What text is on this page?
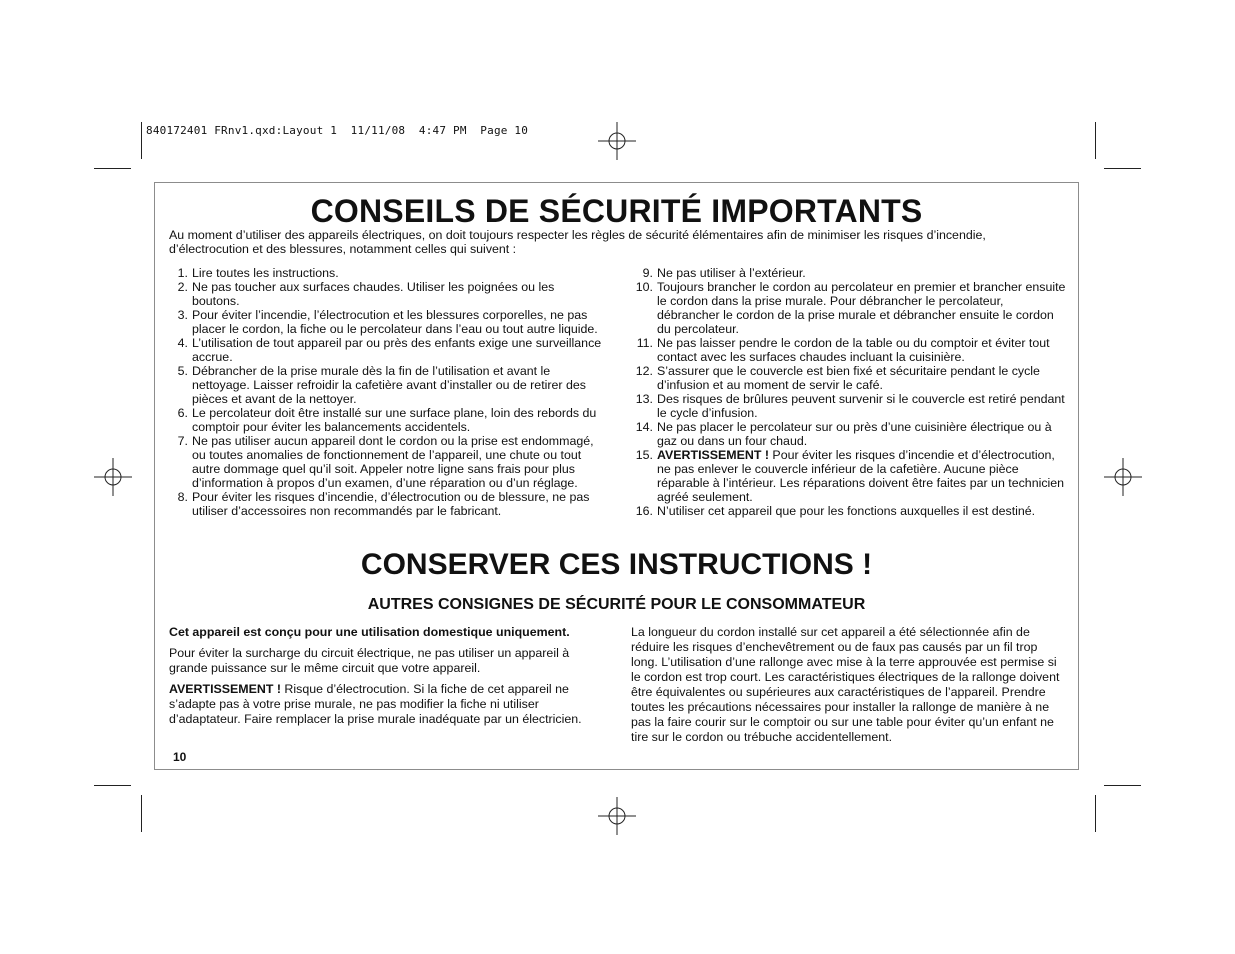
840172401 FRnv1.qxd:Layout 1  11/11/08  4:47 PM  Page 10
CONSEILS DE SÉCURITÉ IMPORTANTS
Au moment d’utiliser des appareils électriques, on doit toujours respecter les règles de sécurité élémentaires afin de minimiser les risques d’incendie, d’électrocution et des blessures, notamment celles qui suivent :
1. Lire toutes les instructions.
2. Ne pas toucher aux surfaces chaudes. Utiliser les poignées ou les boutons.
3. Pour éviter l’incendie, l’électrocution et les blessures corporelles, ne pas placer le cordon, la fiche ou le percolateur dans l’eau ou tout autre liquide.
4. L’utilisation de tout appareil par ou près des enfants exige une surveillance accrue.
5. Débrancher de la prise murale dès la fin de l’utilisation et avant le nettoyage. Laisser refroidir la cafetière avant d’installer ou de retirer des pièces et avant de la nettoyer.
6. Le percolateur doit être installé sur une surface plane, loin des rebords du comptoir pour éviter les balancements accidentels.
7. Ne pas utiliser aucun appareil dont le cordon ou la prise est endommagé, ou toutes anomalies de fonctionnement de l’appareil, une chute ou tout autre dommage quel qu’il soit. Appeler notre ligne sans frais pour plus d’information à propos d’un examen, d’une réparation ou d’un réglage.
8. Pour éviter les risques d’incendie, d’électrocution ou de blessure, ne pas utiliser d’accessoires non recommandés par le fabricant.
9. Ne pas utiliser à l’extérieur.
10. Toujours brancher le cordon au percolateur en premier et brancher ensuite le cordon dans la prise murale. Pour débrancher le percolateur, débrancher le cordon de la prise murale et débrancher ensuite le cordon du percolateur.
11. Ne pas laisser pendre le cordon de la table ou du comptoir et éviter tout contact avec les surfaces chaudes incluant la cuisinière.
12. S’assurer que le couvercle est bien fixé et sécuritaire pendant le cycle d’infusion et au moment de servir le café.
13. Des risques de brûlures peuvent survenir si le couvercle est retiré pendant le cycle d’infusion.
14. Ne pas placer le percolateur sur ou près d’une cuisinière électrique ou à gaz ou dans un four chaud.
15. AVERTISSEMENT ! Pour éviter les risques d’incendie et d’électrocution, ne pas enlever le couvercle inférieur de la cafetière. Aucune pièce réparable à l’intérieur. Les réparations doivent être faites par un technicien agréé seulement.
16. N’utiliser cet appareil que pour les fonctions auxquelles il est destiné.
CONSERVER CES INSTRUCTIONS !
AUTRES CONSIGNES DE SÉCURITÉ POUR LE CONSOMMATEUR

Cet appareil est conçu pour une utilisation domestique uniquement.

Pour éviter la surcharge du circuit électrique, ne pas utiliser un appareil à grande puissance sur le même circuit que votre appareil.

AVERTISSEMENT ! Risque d’électrocution. Si la fiche de cet appareil ne s’adapte pas à votre prise murale, ne pas modifier la fiche ni utiliser d’adaptateur. Faire remplacer la prise murale inadéquate par un électricien.

La longueur du cordon installé sur cet appareil a été sélectionnée afin de réduire les risques d’enchevêtrement ou de faux pas causés par un fil trop long. L’utilisation d’une rallonge avec mise à la terre approuvée est permise si le cordon est trop court. Les caractéristiques électriques de la rallonge doivent être équivalentes ou supérieures aux caractéristiques de l’appareil. Prendre toutes les précautions nécessaires pour installer la rallonge de manière à ne pas la faire courir sur le comptoir ou sur une table pour éviter qu’un enfant ne tire sur le cordon ou trébuche accidentellement.

10
